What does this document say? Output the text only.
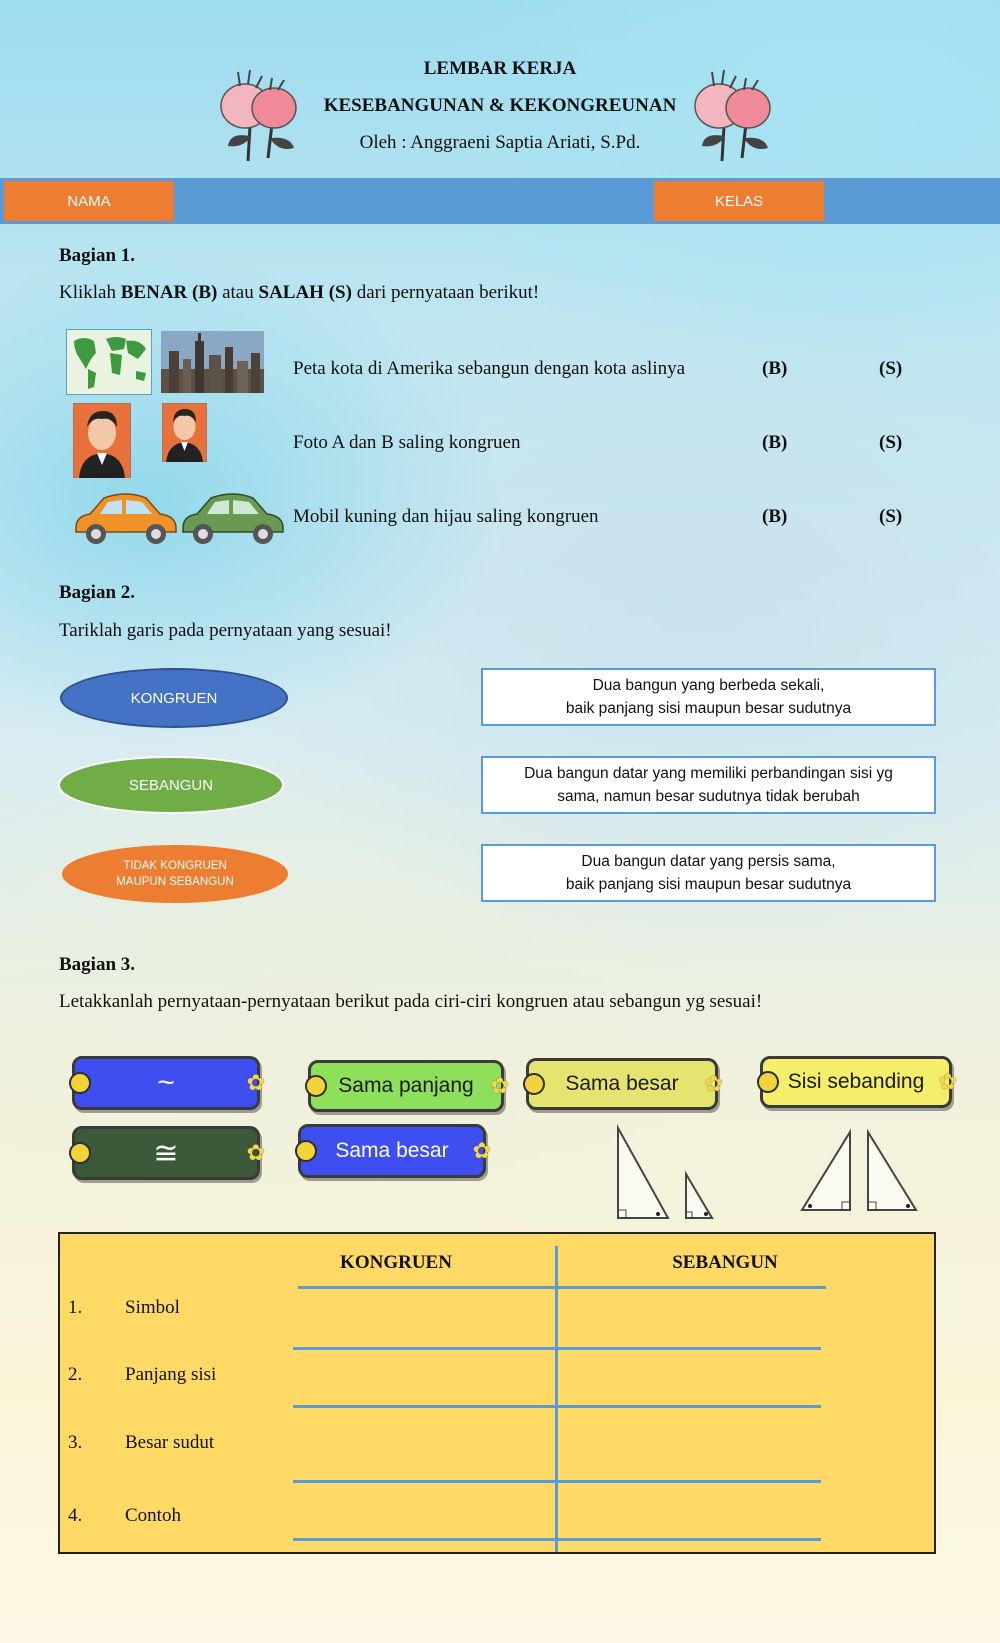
LEMBAR KERJA
KESEBANGUNAN & KEKONGREUNAN
Oleh : Anggraeni Saptia Ariati, S.Pd.
NAMA	KELAS
Bagian 1.
Kliklah BENAR (B) atau SALAH (S) dari pernyataan berikut!
Peta kota di Amerika sebangun dengan kota aslinya	(B)	(S)
Foto A dan B saling kongruen	(B)	(S)
Mobil kuning dan hijau saling kongruen	(B)	(S)
Bagian 2.
Tariklah garis pada pernyataan yang sesuai!
KONGRUEN
SEBANGUN
TIDAK KONGRUEN
MAUPUN SEBANGUN
Dua bangun yang berbeda sekali,
baik panjang sisi maupun besar sudutnya
Dua bangun datar yang memiliki perbandingan sisi yg
sama, namun besar sudutnya tidak berubah
Dua bangun datar yang persis sama,
baik panjang sisi maupun besar sudutnya
Bagian 3.
Letakkanlah pernyataan-pernyataan berikut pada ciri-ciri kongruen atau sebangun yg sesuai!
~	✿	Sama panjang ✿	Sama besar ✿	Sisi sebanding ✿
≅	✿	Sama besar ✿
KONGRUEN	SEBANGUN
1. Simbol
2. Panjang sisi
3. Besar sudut
4. Contoh
